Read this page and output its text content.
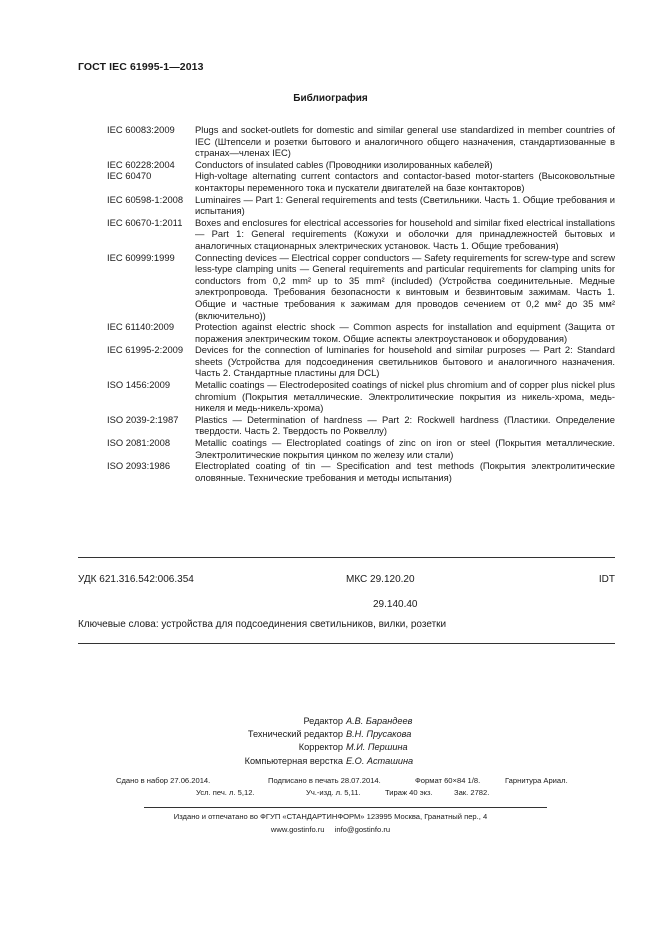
ГОСТ IEC 61995-1—2013
Библиография
IEC 60083:2009	Plugs and socket-outlets for domestic and similar general use standardized in member countries of IEC (Штепсели и розетки бытового и аналогичного общего назначения, стандартизованные в странах—членах IEC)
IEC 60228:2004	Conductors of insulated cables (Проводники изолированных кабелей)
IEC 60470	High-voltage alternating current contactors and contactor-based motor-starters (Высоковольтные контакторы переменного тока и пускатели двигателей на базе контакторов)
IEC 60598-1:2008	Luminaires — Part 1: General requirements and tests (Светильники. Часть 1. Общие требования и испытания)
IEC 60670-1:2011	Boxes and enclosures for electrical accessories for household and similar fixed electrical installations — Part 1: General requirements (Кожухи и оболочки для принадлежностей бытовых и аналогичных стационарных электрических установок. Часть 1. Общие требования)
IEC 60999:1999	Connecting devices — Electrical copper conductors — Safety requirements for screw-type and screw less-type clamping units — General requirements and particular requirements for clamping units for conductors from 0,2 mm² up to 35 mm² (included) (Устройства соединительные. Медные электропровода. Требования безопасности к винтовым и безвинтовым зажимам. Часть 1. Общие и частные требования к зажимам для проводов сечением от 0,2 мм² до 35 мм² (включительно))
IEC 61140:2009	Protection against electric shock — Common aspects for installation and equipment (Защита от поражения электрическим током. Общие аспекты электроустановок и оборудования)
IEC 61995-2:2009	Devices for the connection of luminaries for household and similar purposes — Part 2: Standard sheets (Устройства для подсоединения светильников бытового и аналогичного назначения. Часть 2. Стандартные пластины для DCL)
ISO 1456:2009	Metallic coatings — Electrodeposited coatings of nickel plus chromium and of copper plus nickel plus chromium (Покрытия металлические. Электролитические покрытия из никель-хрома, медь-никеля и медь-никель-хрома)
ISO 2039-2:1987	Plastics — Determination of hardness — Part 2: Rockwell hardness (Пластики. Определение твердости. Часть 2. Твердость по Роквеллу)
ISO 2081:2008	Metallic coatings — Electroplated coatings of zinc on iron or steel (Покрытия металлические. Электролитические покрытия цинком по железу или стали)
ISO 2093:1986	Electroplated coating of tin — Specification and test methods (Покрытия электролитические оловянные. Технические требования и методы испытания)
УДК 621.316.542:006.354	МКС 29.120.20	IDT
29.140.40
Ключевые слова: устройства для подсоединения светильников, вилки, розетки
Редактор А.В. Барандеев
Технический редактор В.Н. Прусакова
Корректор М.И. Першина
Компьютерная верстка Е.О. Асташина
Сдано в набор 27.06.2014.	Подписано в печать 28.07.2014.	Формат 60×84 1/8.	Гарнитура Ариал.
Усл. печ. л. 5,12.	Уч.-изд. л. 5,11.	Тираж 40 экз.	Зак. 2782.
Издано и отпечатано во ФГУП «СТАНДАРТИНФОРМ» 123995 Москва, Гранатный пер., 4
www.gostinfo.ru info@gostinfo.ru
